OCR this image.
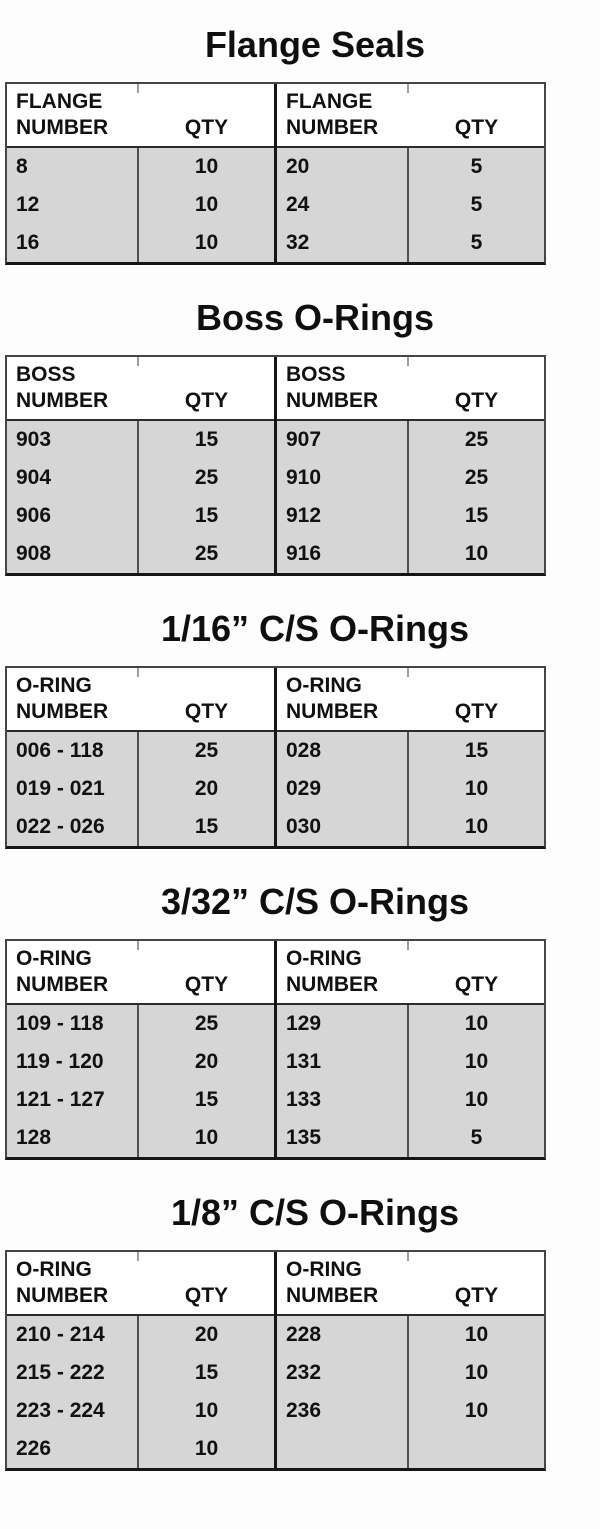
Flange Seals
FLANGE NUMBER	QTY
8	10
12	10
16	10
FLANGE NUMBER	QTY
20	5
24	5
32	5
Boss O-Rings
BOSS NUMBER	QTY
903	15
904	25
906	15
908	25
BOSS NUMBER	QTY
907	25
910	25
912	15
916	10
1/16” C/S O-Rings
O-RING NUMBER	QTY
006 - 118	25
019 - 021	20
022 - 026	15
O-RING NUMBER	QTY
028	15
029	10
030	10
3/32” C/S O-Rings
O-RING NUMBER	QTY
109 - 118	25
119 - 120	20
121 - 127	15
128	10
O-RING NUMBER	QTY
129	10
131	10
133	10
135	5
1/8” C/S O-Rings
O-RING NUMBER	QTY
210 - 214	20
215 - 222	15
223 - 224	10
226	10
O-RING NUMBER	QTY
228	10
232	10
236	10
